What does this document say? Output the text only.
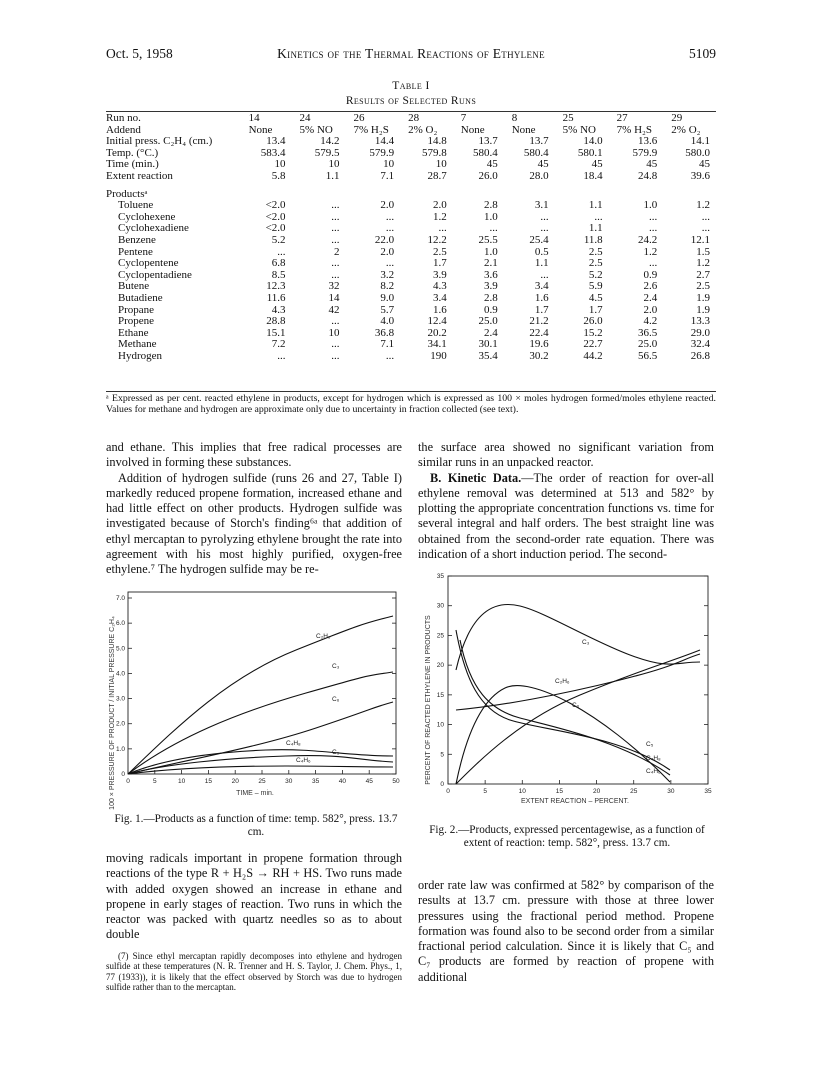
Oct. 5, 1958	Kinetics of the Thermal Reactions of Ethylene	5109
Table I
Results of Selected Runs
Run no.	14	24	26	28	7	8	25	27	29
Addend	None	5% NO	7% H₂S	2% O₂	None	None	5% NO	7% H₂S	2% O₂
Initial press. C₂H₄ (cm.)	13.4	14.2	14.4	14.8	13.7	13.7	14.0	13.6	14.1
Temp. (°C.)	583.4	579.5	579.9	579.8	580.4	580.4	580.1	579.9	580.0
Time (min.)	10	10	10	10	45	45	45	45	45
Extent reaction	5.8	1.1	7.1	28.7	26.0	28.0	18.4	24.8	39.6

Productsᵃ									
Toluene	<2.0	...	2.0	2.0	2.8	3.1	1.1	1.0	1.2
Cyclohexene	<2.0	...	...	1.2	1.0	...	...	...	...
Cyclohexadiene	<2.0	...	...	...	...	...	1.1	...	...
Benzene	5.2	...	22.0	12.2	25.5	25.4	11.8	24.2	12.1
Pentene	...	2	2.0	2.5	1.0	0.5	2.5	1.2	1.5
Cyclopentene	6.8	...	...	1.7	2.1	1.1	2.5	...	1.2
Cyclopentadiene	8.5	...	3.2	3.9	3.6	...	5.2	0.9	2.7
Butene	12.3	32	8.2	4.3	3.9	3.4	5.9	2.6	2.5
Butadiene	11.6	14	9.0	3.4	2.8	1.6	4.5	2.4	1.9
Propane	4.3	42	5.7	1.6	0.9	1.7	1.7	2.0	1.9
Propene	28.8	...	4.0	12.4	25.0	21.2	26.0	4.2	13.3
Ethane	15.1	10	36.8	20.2	2.4	22.4	15.2	36.5	29.0
Methane	7.2	...	7.1	34.1	30.1	19.6	22.7	25.0	32.4
Hydrogen	...	...	...	190	35.4	30.2	44.2	56.5	26.8
ᵃ Expressed as per cent. reacted ethylene in products, except for hydrogen which is expressed as 100 × moles hydrogen formed/moles ethylene reacted. Values for methane and hydrogen are approximate only due to uncertainty in fraction collected (see text).

and ethane. This implies that free radical processes are involved in forming these substances.

Addition of hydrogen sulfide (runs 26 and 27, Table I) markedly reduced propene formation, increased ethane and had little effect on other products. Hydrogen sulfide was investigated because of Storch's finding⁶ᵃ that addition of ethyl mercaptan to pyrolyzing ethylene brought the rate into agreement with his most highly purified, oxygen-free ethylene.⁷ The hydrogen sulfide may be re-

the surface area showed no significant variation from similar runs in an unpacked reactor.

B. Kinetic Data.—The order of reaction for over-all ethylene removal was determined at 513 and 582° by plotting the appropriate concentration functions vs. time for several integral and half orders. The best straight line was obtained from the second-order rate equation. There was indication of a short induction period. The second-

100 × PRESSURE OF PRODUCT / INITIAL PRESSURE C₂H₄ 0	5	10	15	20	25	30	35	40	45	50
0
1.0
2.0
3.0
4.0
5.0
6.0
7.0
C₂H₆
C₃
C₆
C₄H₈
C₅
C₄H₆
TIME – min.
Fig. 1.—Products as a function of time: temp. 582°, press. 13.7 cm.
PERCENT OF REACTED ETHYLENE IN PRODUCTS
0	5	10	15	20	25	30	35
0
5
10
15
20
25
30
35
C₃
C₂H₆
C₆
C₅
C₄H₈
C₄H₆
EXTENT REACTION – PERCENT.
Fig. 2.—Products, expressed percentagewise, as a function of extent of reaction: temp. 582°, press. 13.7 cm.

moving radicals important in propene formation through reactions of the type R + H₂S → RH + HS. Two runs made with added oxygen showed an increase in ethane and propene in early stages of reaction. Two runs in which the reactor was packed with quartz needles so as to about double

(7) Since ethyl mercaptan rapidly decomposes into ethylene and hydrogen sulfide at these temperatures (N. R. Trenner and H. S. Taylor, J. Chem. Phys., 1, 77 (1933)), it is likely that the effect observed by Storch was due to hydrogen sulfide rather than to the mercaptan.

order rate law was confirmed at 582° by comparison of the results at 13.7 cm. pressure with those at three lower pressures using the fractional period method. Propene formation was found also to be second order from a similar fractional period calculation. Since it is likely that C₅ and C₇ products are formed by reaction of propene with additional
